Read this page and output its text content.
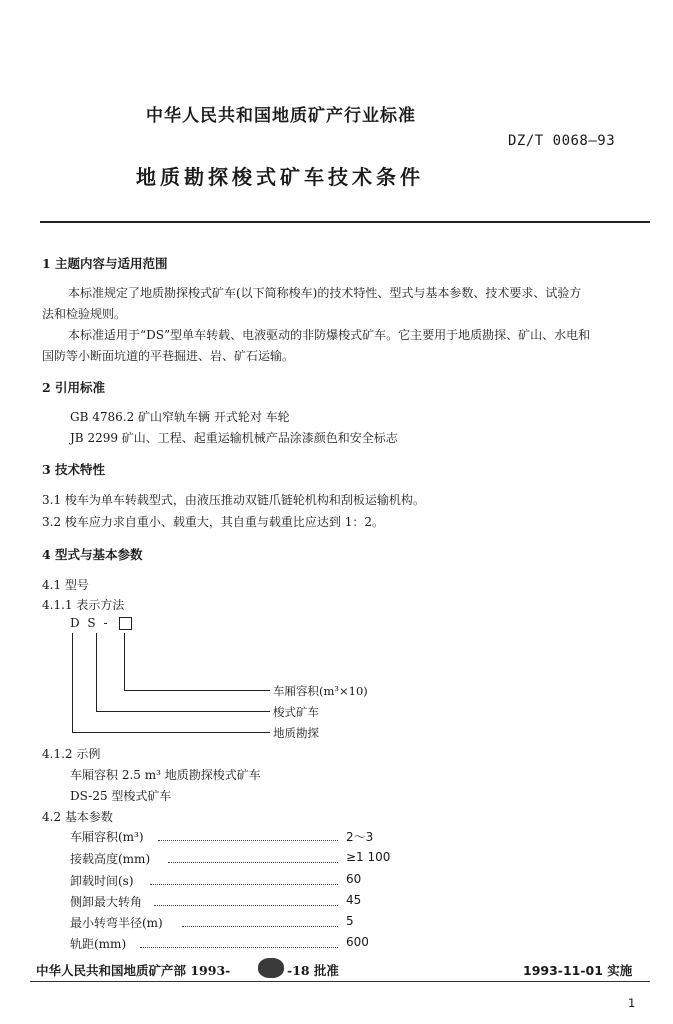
中华人民共和国地质矿产行业标准
DZ/T 0068—93
地质勘探梭式矿车技术条件
1 主题内容与适用范围
本标准规定了地质勘探梭式矿车(以下简称梭车)的技术特性、型式与基本参数、技术要求、试验方
法和检验规则。
本标准适用于“DS”型单车转载、电液驱动的非防爆梭式矿车。它主要用于地质勘探、矿山、水电和
国防等小断面坑道的平巷掘进、岩、矿石运输。
2 引用标准
GB 4786.2 矿山窄轨车辆 开式轮对 车轮
JB 2299 矿山、工程、起重运输机械产品涂漆颜色和安全标志
3 技术特性
3.1 梭车为单车转载型式，由液压推动双链爪链轮机构和刮板运输机构。
3.2 梭车应力求自重小、载重大，其自重与载重比应达到 1：2。
4 型式与基本参数
4.1 型号
4.1.1 表示方法
D S -
车厢容积(m³×10)
梭式矿车
地质勘探
4.1.2 示例
车厢容积 2.5 m³ 地质勘探梭式矿车
DS-25 型梭式矿车
4.2 基本参数
车厢容积(m³)	2～3
接载高度(mm)	≥1 100
卸载时间(s)	60
侧卸最大转角	45
最小转弯半径(m)	5
轨距(mm)	600
中华人民共和国地质矿产部 1993-	-18 批准	1993-11-01 实施
1
